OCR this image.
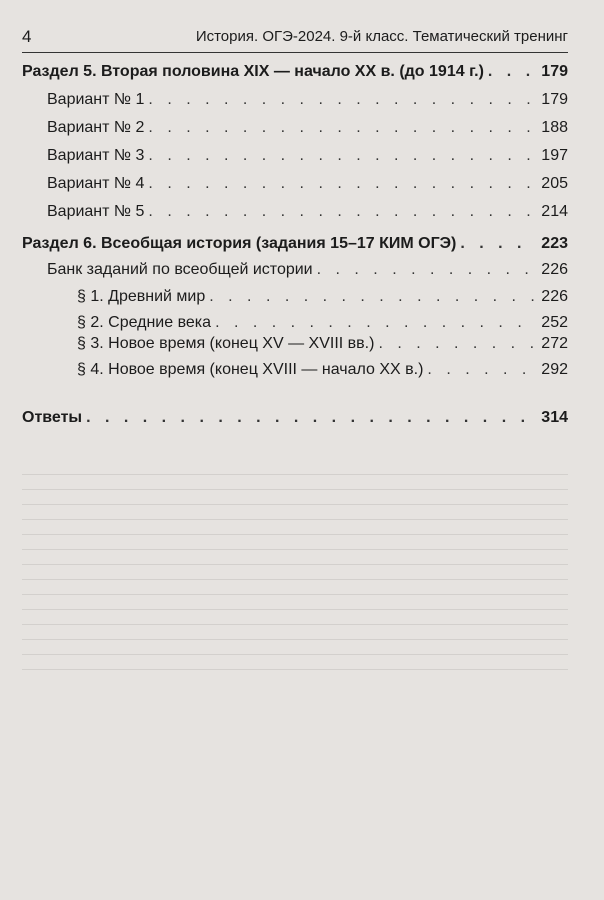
4	История. ОГЭ-2024. 9-й класс. Тематический тренинг
Раздел 5. Вторая половина XIX — начало XX в. (до 1914 г.) . . .	179
Вариант № 1 . . .	179
Вариант № 2 . . .	188
Вариант № 3 . . .	197
Вариант № 4 . . .	205
Вариант № 5 . . .	214
Раздел 6. Всеобщая история (задания 15–17 КИМ ОГЭ) . . .	223
Банк заданий по всеобщей истории . . .	226
§ 1. Древний мир . . .	226
§ 2. Средние века . . .	252
§ 3. Новое время (конец XV — XVIII вв.) . . .	272
§ 4. Новое время (конец XVIII — начало XX в.) . . .	292
Ответы . . .	314
